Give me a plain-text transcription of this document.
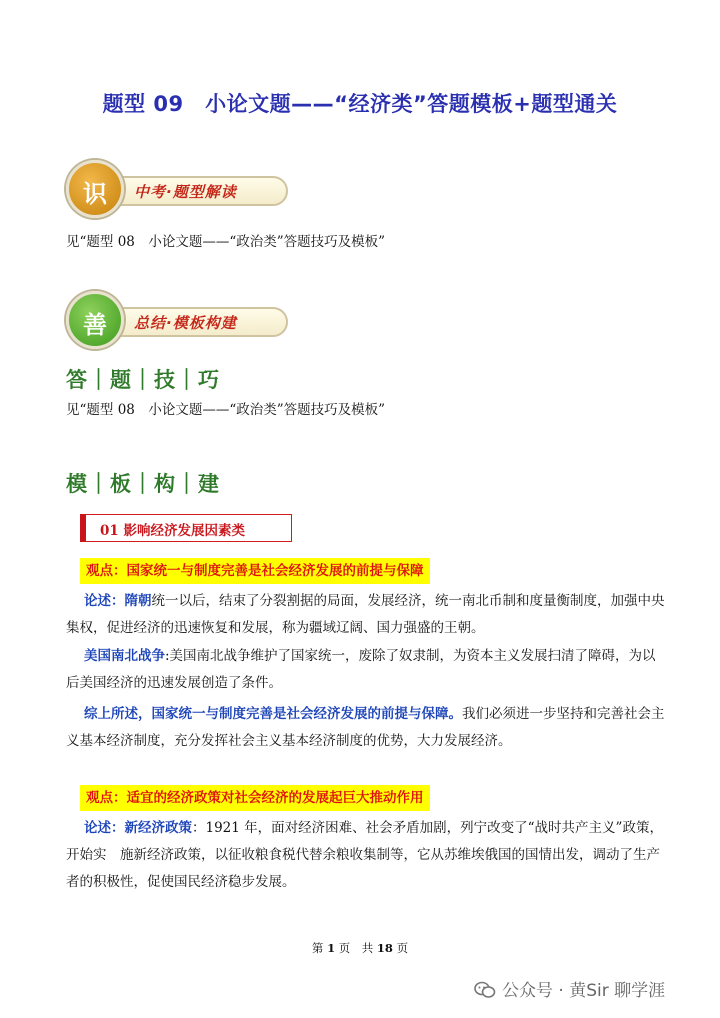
题型 09　小论文题——“经济类”答题模板+题型通关
中考·题型解读
识
见“题型 08　小论文题——“政治类”答题技巧及模板”
总结·模板构建
善
答｜题｜技｜巧
见“题型 08　小论文题——“政治类”答题技巧及模板”
模｜板｜构｜建
01 影响经济发展因素类
观点：国家统一与制度完善是社会经济发展的前提与保障
论述：隋朝统一以后，结束了分裂割据的局面，发展经济，统一南北币制和度量衡制度，加强中央集权，促进经济的迅速恢复和发展，称为疆域辽阔、国力强盛的王朝。
美国南北战争:美国南北战争维护了国家统一，废除了奴隶制，为资本主义发展扫清了障碍，为以后美国经济的迅速发展创造了条件。
综上所述，国家统一与制度完善是社会经济发展的前提与保障。我们必须进一步坚持和完善社会主义基本经济制度，充分发挥社会主义基本经济制度的优势，大力发展经济。
观点：适宜的经济政策对社会经济的发展起巨大推动作用
论述：新经济政策：1921 年，面对经济困难、社会矛盾加剧，列宁改变了“战时共产主义”政策，开始实　施新经济政策，以征收粮食税代替余粮收集制等，它从苏维埃俄国的国情出发，调动了生产者的积极性，促使国民经济稳步发展。
第 1 页　共 18 页
公众号 · 黄Sir 聊学涯
